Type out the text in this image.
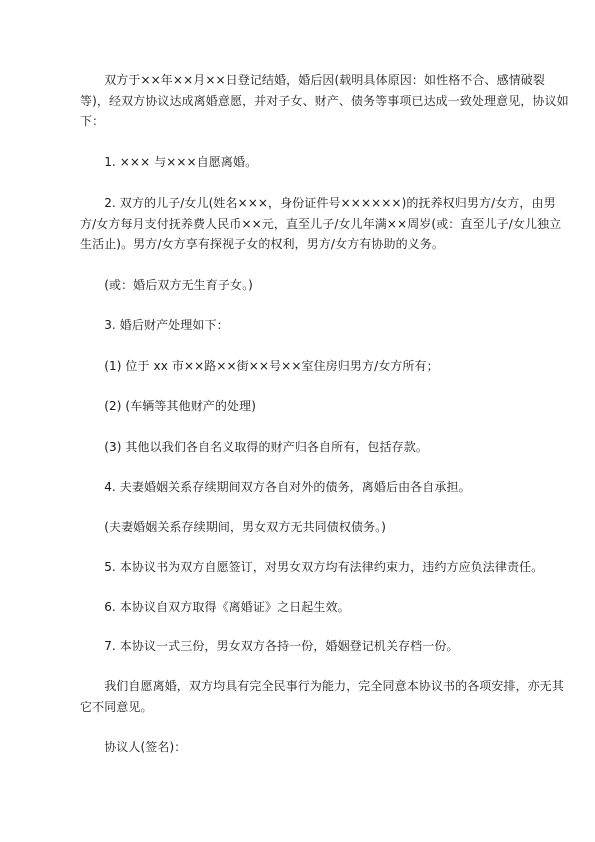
　　双方于××年××月××日登记结婚，婚后因(载明具体原因：如性格不合、感情破裂等)，经双方协议达成离婚意愿，并对子女、财产、债务等事项已达成一致处理意见，协议如下：

　　1. ××× 与×××自愿离婚。

　　2. 双方的儿子/女儿(姓名×××，身份证件号××××××)的抚养权归男方/女方，由男方/女方每月支付抚养费人民币××元，直至儿子/女儿年满××周岁(或：直至儿子/女儿独立生活止)。男方/女方享有探视子女的权利，男方/女方有协助的义务。

　　(或：婚后双方无生育子女。)

　　3. 婚后财产处理如下：

　　(1) 位于 xx 市××路××街××号××室住房归男方/女方所有；

　　(2) (车辆等其他财产的处理)

　　(3) 其他以我们各自名义取得的财产归各自所有，包括存款。

　　4. 夫妻婚姻关系存续期间双方各自对外的债务，离婚后由各自承担。

　　(夫妻婚姻关系存续期间，男女双方无共同债权债务。)

　　5. 本协议书为双方自愿签订，对男女双方均有法律约束力，违约方应负法律责任。

　　6. 本协议自双方取得《离婚证》之日起生效。

　　7. 本协议一式三份，男女双方各持一份，婚姻登记机关存档一份。

　　我们自愿离婚，双方均具有完全民事行为能力，完全同意本协议书的各项安排，亦无其它不同意见。

　　协议人(签名)：
